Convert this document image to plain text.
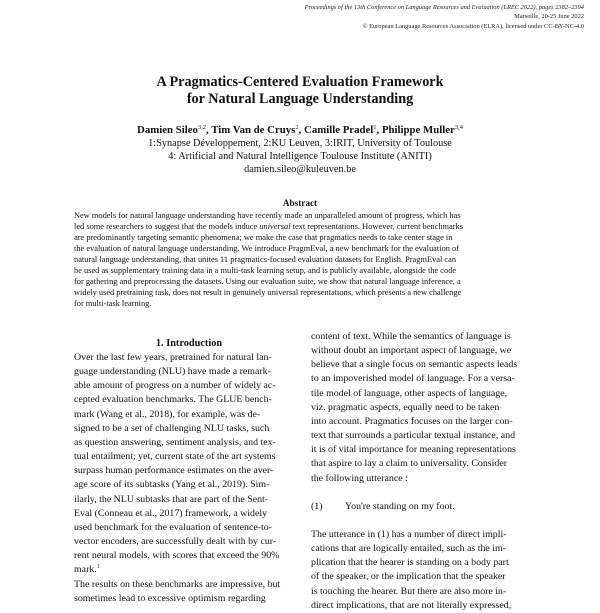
Proceedings of the 13th Conference on Language Resources and Evaluation (LREC 2022), pages 2382–2394
Marseille, 20-25 June 2022
© European Language Resources Association (ELRA), licensed under CC-BY-NC-4.0
A Pragmatics-Centered Evaluation Framework
for Natural Language Understanding
Damien Sileo$^{3,2}$, Tim Van de Cruys$^2$, Camille Pradel$^1$, Philippe Muller$^{3,4}$
1:Synapse Développement, 2:KU Leuven, 3:IRIT, University of Toulouse
4: Artificial and Natural Intelligence Toulouse Institute (ANITI)
damien.sileo@kuleuven.be
Abstract
New models for natural language understanding have recently made an unparalleled amount of progress, which has
led some researchers to suggest that the models induce universal text representations. However, current benchmarks
are predominantly targeting semantic phenomena; we make the case that pragmatics needs to take center stage in
the evaluation of natural language understanding. We introduce PragmEval, a new benchmark for the evaluation of
natural language understanding, that unites 11 pragmatics-focused evaluation datasets for English. PragmEval can
be used as supplementary training data in a multi-task learning setup, and is publicly available, alongside the code
for gathering and preprocessing the datasets. Using our evaluation suite, we show that natural language inference, a
widely used pretraining task, does not result in genuinely universal representations, which presents a new challenge
for multi-task learning.
1. Introduction
Over the last few years, pretrained for natural lan-
guage understanding (NLU) have made a remark-
able amount of progress on a number of widely ac-
cepted evaluation benchmarks. The GLUE bench-
mark (Wang et al., 2018), for example, was de-
signed to be a set of challenging NLU tasks, such
as question answering, sentiment analysis, and tex-
tual entailment; yet, current state of the art systems
surpass human performance estimates on the aver-
age score of its subtasks (Yang et al., 2019). Sim-
ilarly, the NLU subtasks that are part of the Sent-
Eval (Conneau et al., 2017) framework, a widely
used benchmark for the evaluation of sentence-to-
vector encoders, are successfully dealt with by cur-
rent neural models, with scores that exceed the 90%
mark.$^1$
The results on these benchmarks are impressive, but
sometimes lead to excessive optimism regarding
content of text. While the semantics of language is
without doubt an important aspect of language, we
believe that a single focus on semantic aspects leads
to an impoverished model of language. For a versa-
tile model of language, other aspects of language,
viz. pragmatic aspects, equally need to be taken
into account. Pragmatics focuses on the larger con-
text that surrounds a particular textual instance, and
it is of vital importance for meaning representations
that aspire to lay a claim to universality. Consider
the following utterance :
(1)	You're standing on my foot.
The utterance in (1) has a number of direct impli-
cations that are logically entailed, such as the im-
plication that the hearer is standing on a body part
of the speaker, or the implication that the speaker
is touching the hearer. But there are also more in-
direct implications, that are not literally expressed,
